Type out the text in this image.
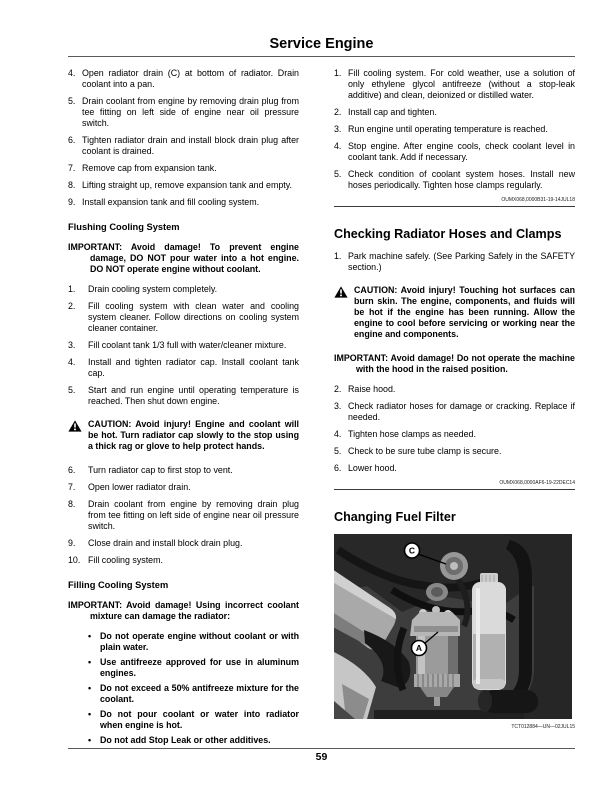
Service Engine
4. Open radiator drain (C) at bottom of radiator. Drain coolant into a pan.
5. Drain coolant from engine by removing drain plug from tee fitting on left side of engine near oil pressure switch.
6. Tighten radiator drain and install block drain plug after coolant is drained.
7. Remove cap from expansion tank.
8. Lifting straight up, remove expansion tank and empty.
9. Install expansion tank and fill cooling system.
Flushing Cooling System
IMPORTANT: Avoid damage! To prevent engine damage, DO NOT pour water into a hot engine. DO NOT operate engine without coolant.
1.	Drain cooling system completely.
2.	Fill cooling system with clean water and cooling system cleaner. Follow directions on cooling system cleaner container.
3.	Fill coolant tank 1/3 full with water/cleaner mixture.
4.	Install and tighten radiator cap. Install coolant tank cap.
5.	Start and run engine until operating temperature is reached. Then shut down engine.
CAUTION: Avoid injury! Engine and coolant will be hot. Turn radiator cap slowly to the stop using a thick rag or glove to help protect hands.
6.	Turn radiator cap to first stop to vent.
7.	Open lower radiator drain.
8.	Drain coolant from engine by removing drain plug from tee fitting on left side of engine near oil pressure switch.
9.	Close drain and install block drain plug.
10. Fill cooling system.
Filling Cooling System
IMPORTANT: Avoid damage! Using incorrect coolant mixture can damage the radiator:
• Do not operate engine without coolant or with plain water.
• Use antifreeze approved for use in aluminum engines.
• Do not exceed a 50% antifreeze mixture for the coolant.
• Do not pour coolant or water into radiator when engine is hot.
• Do not add Stop Leak or other additives.
1. Fill cooling system. For cold weather, use a solution of only ethylene glycol antifreeze (without a stop-leak additive) and clean, deionized or distilled water.
2. Install cap and tighten.
3. Run engine until operating temperature is reached.
4. Stop engine. After engine cools, check coolant level in coolant tank. Add if necessary.
5. Check condition of coolant system hoses. Install new hoses periodically. Tighten hose clamps regularly.
OUMX068,0000B31-19-14JUL18
Checking Radiator Hoses and Clamps
1. Park machine safely. (See Parking Safely in the SAFETY section.)
CAUTION: Avoid injury! Touching hot surfaces can burn skin. The engine, components, and fluids will be hot if the engine has been running. Allow the engine to cool before servicing or working near the engine and components.
IMPORTANT: Avoid damage! Do not operate the machine with the hood in the raised position.
2. Raise hood.
3. Check radiator hoses for damage or cracking. Replace if needed.
4. Tighten hose clamps as needed.
5. Check to be sure tube clamp is secure.
6. Lower hood.
OUMX068,0000AF6-19-22DEC14
Changing Fuel Filter
C
A
TCT012884—UN—02JUL15
59
